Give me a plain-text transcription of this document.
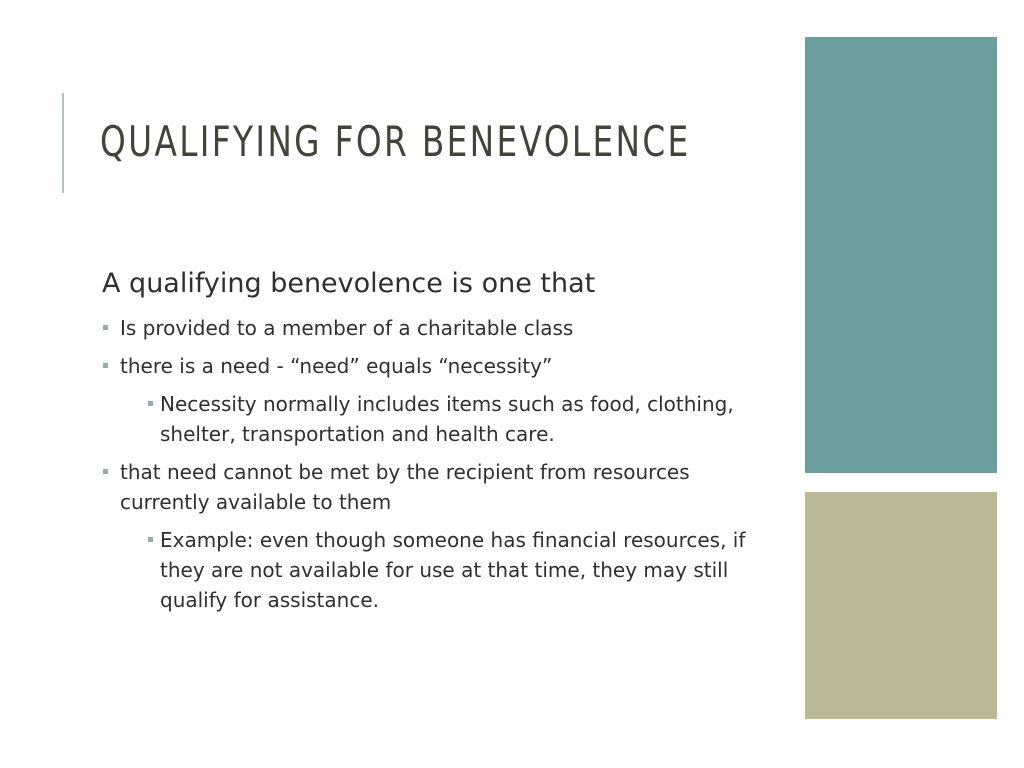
QUALIFYING FOR BENEVOLENCE

A qualifying benevolence is one that

Is provided to a member of a charitable class
there is a need - “need” equals “necessity”
Necessity normally includes items such as food, clothing, shelter, transportation and health care.
that need cannot be met by the recipient from resources currently available to them
Example: even though someone has financial resources, if they are not available for use at that time, they may still qualify for assistance.
